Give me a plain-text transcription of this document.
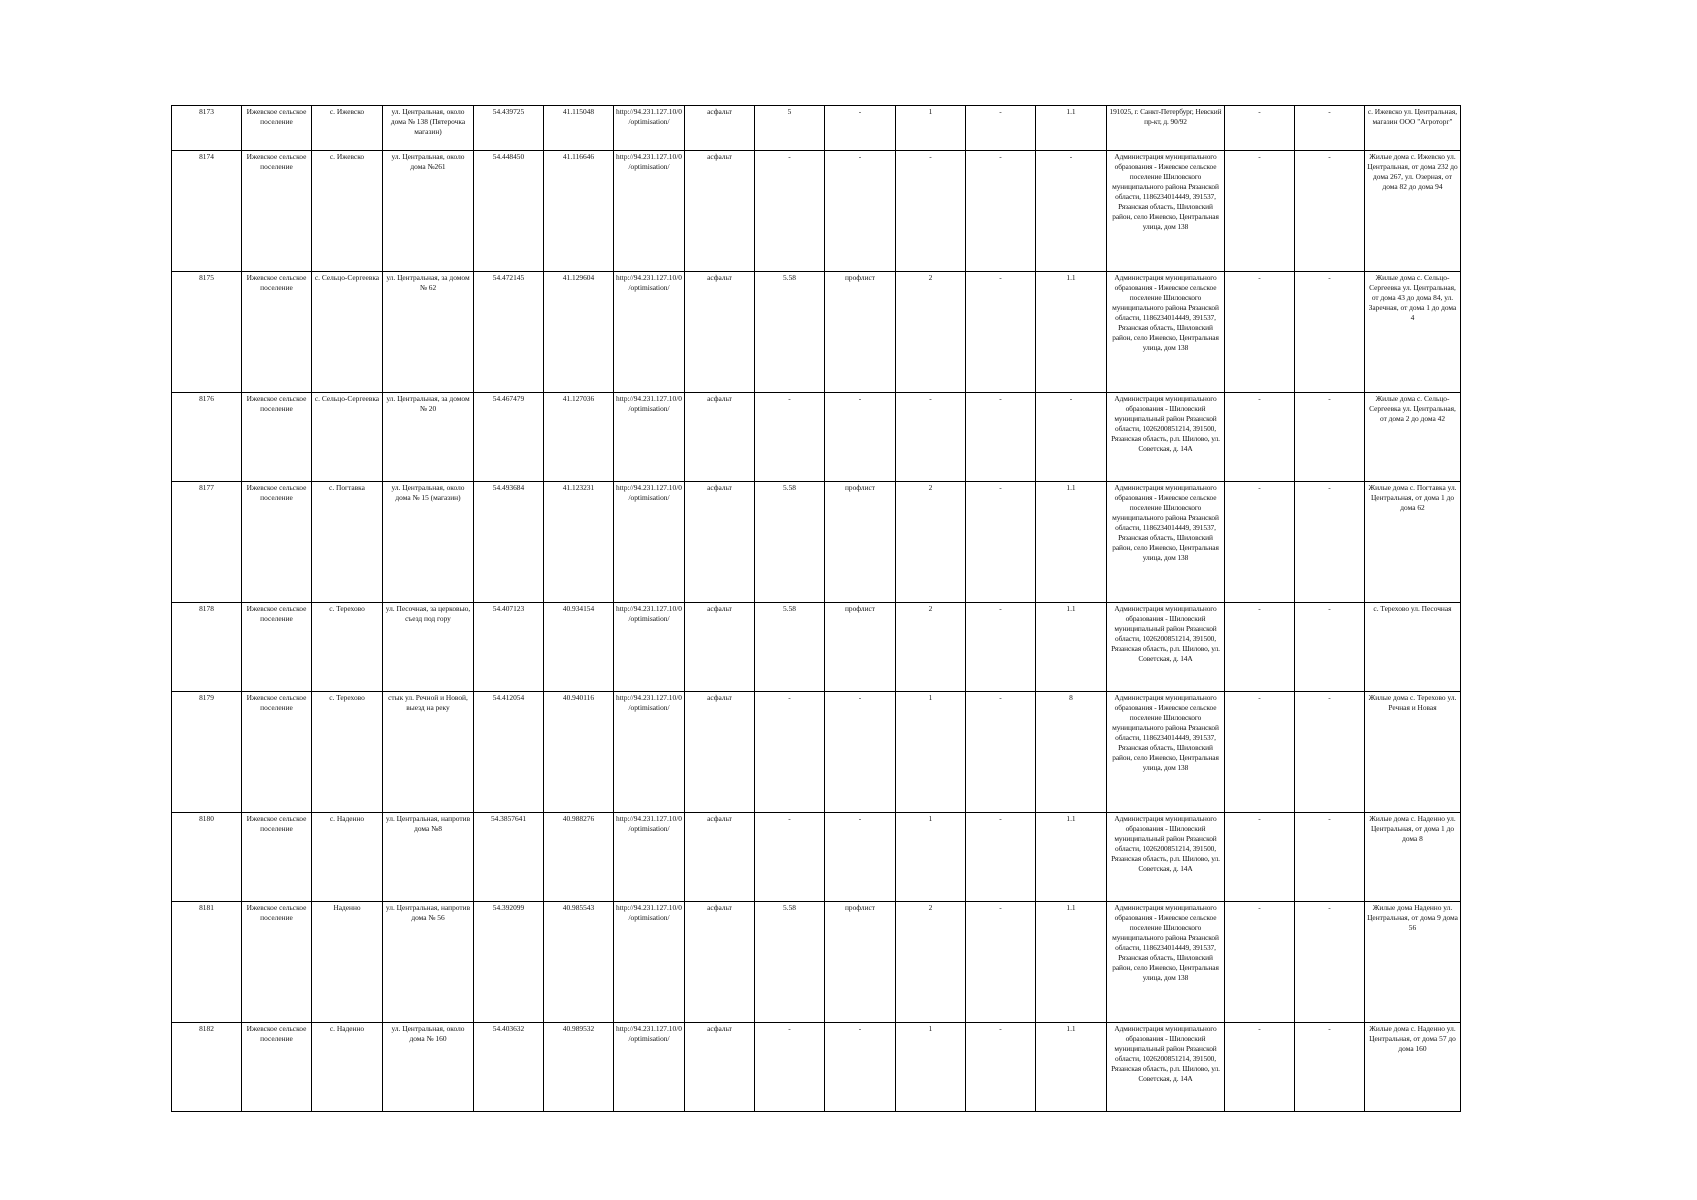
8173	Ижевское сельское поселение	с. Ижевско	ул. Центральная, около дома № 138 (Пятерочка магазин)	54.439725	41.115048	http://94.231.127.10/0/optimisation/	асфальт	5	-	1	-	1.1	191025, г. Санкт-Петербург, Невский пр-кт, д. 90/92	-	-	с. Ижевско ул. Центральная, магазин ООО "Агроторг"
8174	Ижевское сельское поселение	с. Ижевско	ул. Центральная, около дома №261	54.448450	41.116646	http://94.231.127.10/0/optimisation/	асфальт	-	-	-	-	-	Администрация муниципального образования - Ижевское сельское поселение Шиловского муниципального района Рязанской области, 1186234014449, 391537, Рязанская область, Шиловский район, село Ижевско, Центральная улица, дом 138	-	-	Жилые дома с. Ижевско ул. Центральная, от дома 232 до дома 267, ул. Озерная, от дома 82 до дома 94
8175	Ижевское сельское поселение	с. Сельцо-Сергеевка	ул. Центральная, за домом № 62	54.472145	41.129604	http://94.231.127.10/0/optimisation/	асфальт	5.58	профлист	2	-	1.1	Администрация муниципального образования - Ижевское сельское поселение Шиловского муниципального района Рязанской области, 1186234014449, 391537, Рязанская область, Шиловский район, село Ижевско, Центральная улица, дом 138	-	-	Жилые дома с. Сельцо-Сергеевка ул. Центральная, от дома 43 до дома 84, ул. Заречная, от дома 1 до дома 4
8176	Ижевское сельское поселение	с. Сельцо-Сергеевка	ул. Центральная, за домом № 20	54.467479	41.127036	http://94.231.127.10/0/optimisation/	асфальт	-	-	-	-	-	Администрация муниципального образования - Шиловский муниципальный район Рязанской области, 1026200851214, 391500, Рязанская область, р.п. Шилово, ул. Советская, д. 14А	-	-	Жилые дома с. Сельцо-Сергеевка ул. Центральная, от дома 2 до дома 42
8177	Ижевское сельское поселение	с. Погтавка	ул. Центральная, около дома № 15 (магазин)	54.493684	41.123231	http://94.231.127.10/0/optimisation/	асфальт	5.58	профлист	2	-	1.1	Администрация муниципального образования - Ижевское сельское поселение Шиловского муниципального района Рязанской области, 1186234014449, 391537, Рязанская область, Шиловский район, село Ижевско, Центральная улица, дом 138	-	-	Жилые дома с. Погтавка ул. Центральная, от дома 1 до дома 62
8178	Ижевское сельское поселение	с. Терехово	ул. Песочная, за церковью, съезд под гору	54.407123	40.934154	http://94.231.127.10/0/optimisation/	асфальт	5.58	профлист	2	-	1.1	Администрация муниципального образования - Шиловский муниципальный район Рязанской области, 1026200851214, 391500, Рязанская область, р.п. Шилово, ул. Советская, д. 14А	-	-	с. Терехово ул. Песочная
8179	Ижевское сельское поселение	с. Терехово	стык ул. Речной и Новой, выезд на реку	54.412054	40.940116	http://94.231.127.10/0/optimisation/	асфальт	-	-	1	-	8	Администрация муниципального образования - Ижевское сельское поселение Шиловского муниципального района Рязанской области, 1186234014449, 391537, Рязанская область, Шиловский район, село Ижевско, Центральная улица, дом 138	-	-	Жилые дома с. Терехово ул. Речная и Новая
8180	Ижевское сельское поселение	с. Наденно	ул. Центральная, напротив дома №8	54.3857641	40.988276	http://94.231.127.10/0/optimisation/	асфальт	-	-	1	-	1.1	Администрация муниципального образования - Шиловский муниципальный район Рязанской области, 1026200851214, 391500, Рязанская область, р.п. Шилово, ул. Советская, д. 14А	-	-	Жилые дома с. Наденно ул. Центральная, от дома 1 до дома 8
8181	Ижевское сельское поселение	Наденно	ул. Центральная, напротив дома № 56	54.392099	40.985543	http://94.231.127.10/0/optimisation/	асфальт	5.58	профлист	2	-	1.1	Администрация муниципального образования - Ижевское сельское поселение Шиловского муниципального района Рязанской области, 1186234014449, 391537, Рязанская область, Шиловский район, село Ижевско, Центральная улица, дом 138	-	-	Жилые дома Наденно ул. Центральная, от дома 9 дома 56
8182	Ижевское сельское поселение	с. Наденно	ул. Центральная, около дома № 160	54.403632	40.989532	http://94.231.127.10/0/optimisation/	асфальт	-	-	1	-	1.1	Администрация муниципального образования - Шиловский муниципальный район Рязанской области, 1026200851214, 391500, Рязанская область, р.п. Шилово, ул. Советская, д. 14А	-	-	Жилые дома с. Наденно ул. Центральная, от дома 57 до дома 160
